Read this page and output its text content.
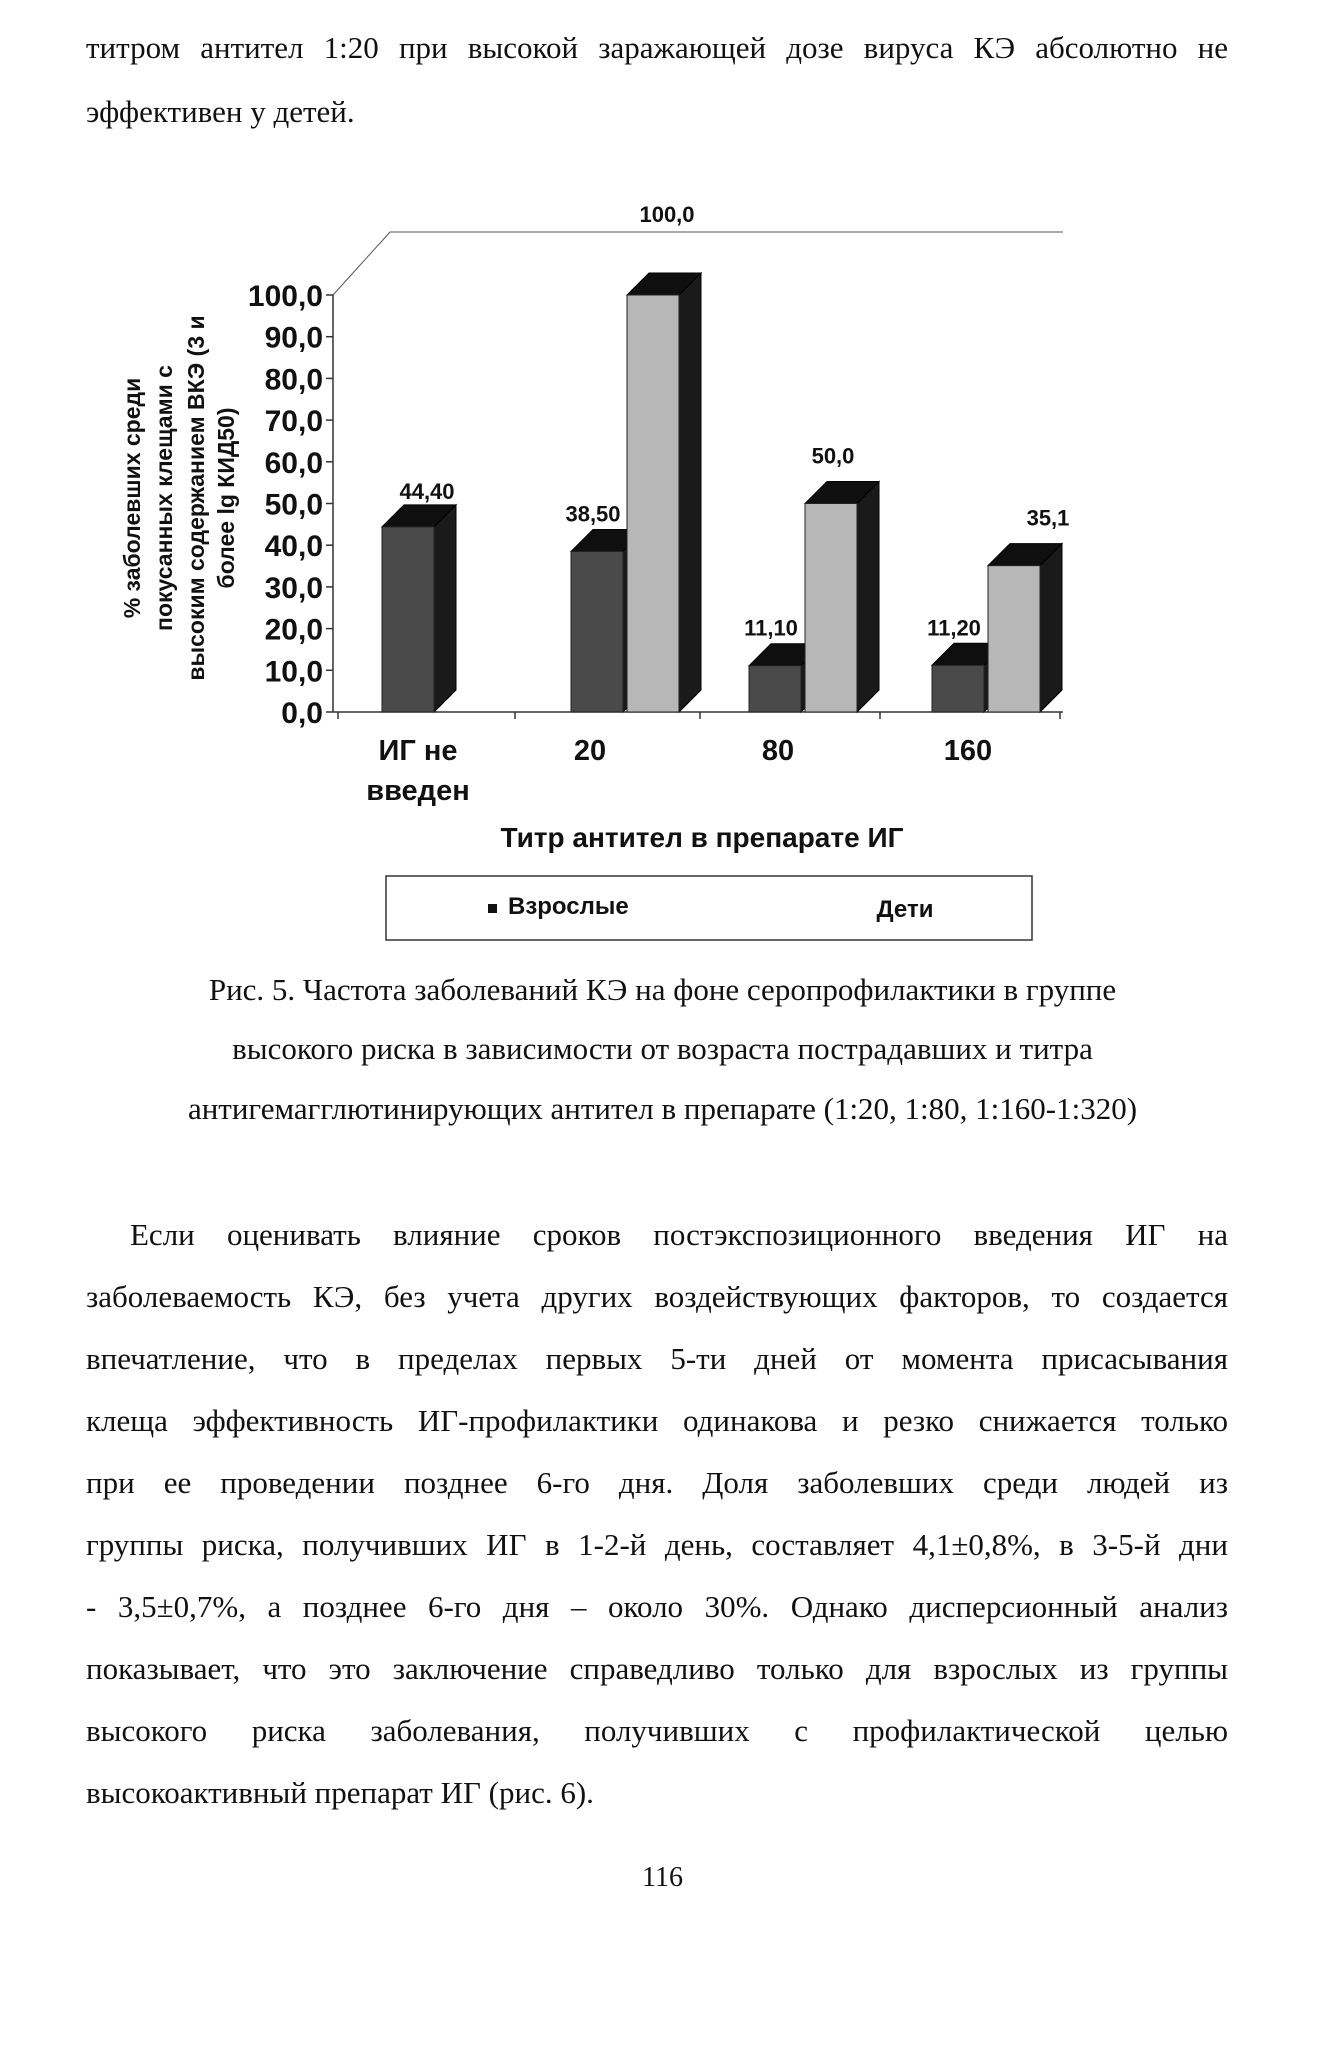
титром антител 1:20 при высокой заражающей дозе вируса КЭ абсолютно не
эффективен у детей.
% заболевших среди покусанных клещами с высоким содержанием ВКЭ (3 и более lg КИД50)
100,0
90,0
80,0
70,0
60,0
50,0
40,0
30,0
20,0
10,0
0,0
44,40
38,50
100,0
11,10
50,0
11,20
35,1
ИГ не
введен
20	80	160
Титр антител в препарате ИГ
Взрослые	Дети
Рис. 5. Частота заболеваний КЭ на фоне серопрофилактики в группе
высокого риска в зависимости от возраста пострадавших и титра
антигемагглютинирующих антител в препарате (1:20, 1:80, 1:160-1:320)
Если оценивать влияние сроков постэкспозиционного введения ИГ на
заболеваемость КЭ, без учета других воздействующих факторов, то создается
впечатление, что в пределах первых 5-ти дней от момента присасывания
клеща эффективность ИГ-профилактики одинакова и резко снижается только
при ее проведении позднее 6-го дня. Доля заболевших среди людей из
группы риска, получивших ИГ в 1-2-й день, составляет 4,1±0,8%, в 3-5-й дни
- 3,5±0,7%, а позднее 6-го дня – около 30%. Однако дисперсионный анализ
показывает, что это заключение справедливо только для взрослых из группы
высокого риска заболевания, получивших с профилактической целью
высокоактивный препарат ИГ (рис. 6).
116
